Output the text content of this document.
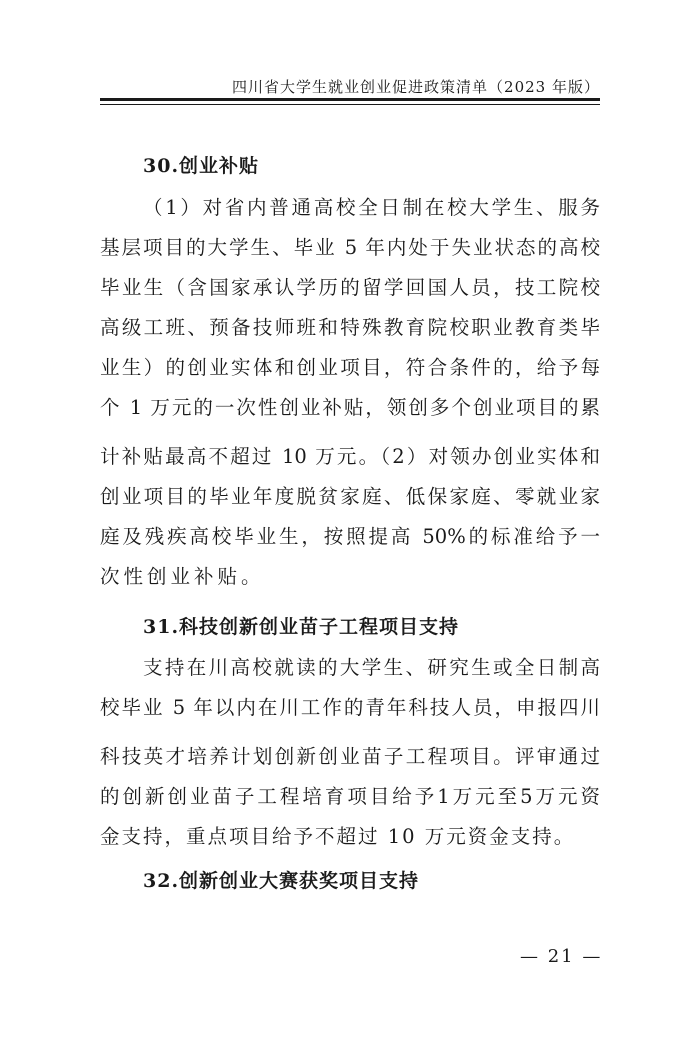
四川省大学生就业创业促进政策清单（2023 年版）
30.创业补贴
（1）对省内普通高校全日制在校大学生、服务
基层项目的大学生、毕业 5 年内处于失业状态的高校
毕业生（含国家承认学历的留学回国人员，技工院校
高级工班、预备技师班和特殊教育院校职业教育类毕
业生）的创业实体和创业项目，符合条件的，给予每
个 1 万元的一次性创业补贴，领创多个创业项目的累
计补贴最高不超过 10 万元。（2）对领办创业实体和
创业项目的毕业年度脱贫家庭、低保家庭、零就业家
庭及残疾高校毕业生，按照提高 50%的标准给予一
次性创业补贴。
31.科技创新创业苗子工程项目支持
支持在川高校就读的大学生、研究生或全日制高
校毕业 5 年以内在川工作的青年科技人员，申报四川
科技英才培养计划创新创业苗子工程项目。评审通过
的创新创业苗子工程培育项目给予1万元至5万元资
金支持，重点项目给予不超过 10 万元资金支持。
32.创新创业大赛获奖项目支持
— 21 —
